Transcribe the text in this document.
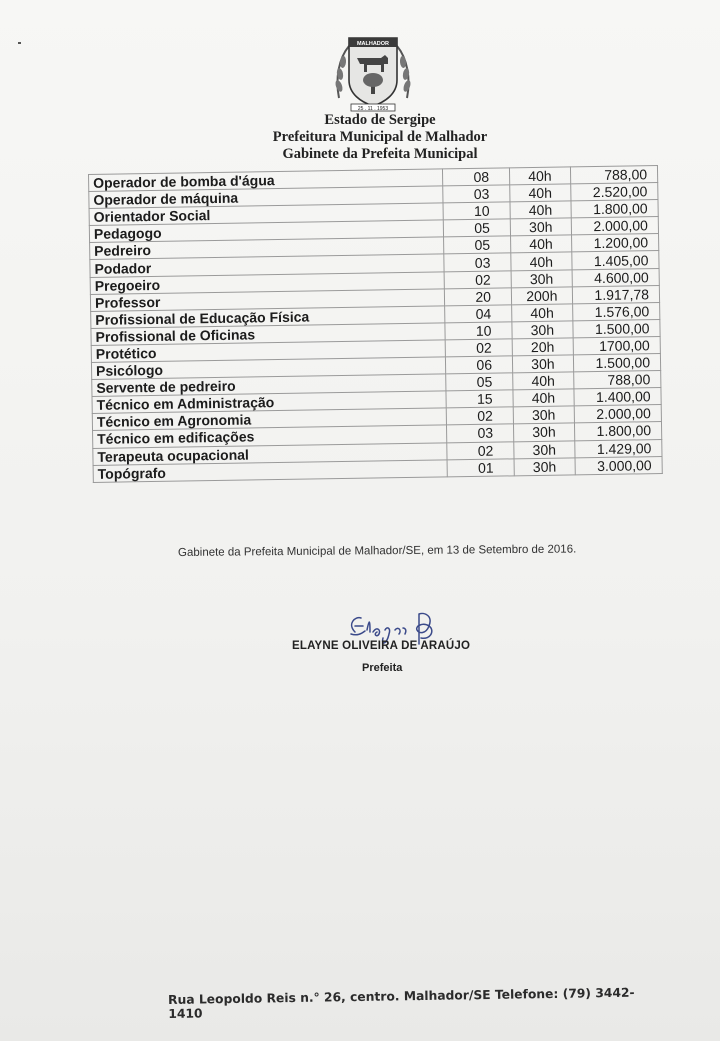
MALHADOR
25 . 11 . 1953
Estado de Sergipe
Prefeitura Municipal de Malhador
Gabinete da Prefeita Municipal
Operador de bomba d'água	08	40h	788,00
Operador de máquina	03	40h	2.520,00
Orientador Social	10	40h	1.800,00
Pedagogo	05	30h	2.000,00
Pedreiro	05	40h	1.200,00
Podador	03	40h	1.405,00
Pregoeiro	02	30h	4.600,00
Professor	20	200h	1.917,78
Profissional de Educação Física	04	40h	1.576,00
Profissional de Oficinas	10	30h	1.500,00
Protético	02	20h	1700,00
Psicólogo	06	30h	1.500,00
Servente de pedreiro	05	40h	788,00
Técnico em Administração	15	40h	1.400,00
Técnico em Agronomia	02	30h	2.000,00
Técnico em edificações	03	30h	1.800,00
Terapeuta ocupacional	02	30h	1.429,00
Topógrafo	01	30h	3.000,00
Gabinete da Prefeita Municipal de Malhador/SE, em 13 de Setembro de 2016.
Elayne B
ELAYNE OLIVEIRA DE ARAÚJO
Prefeita
Rua Leopoldo Reis n.° 26, centro. Malhador/SE Telefone: (79) 3442-1410
